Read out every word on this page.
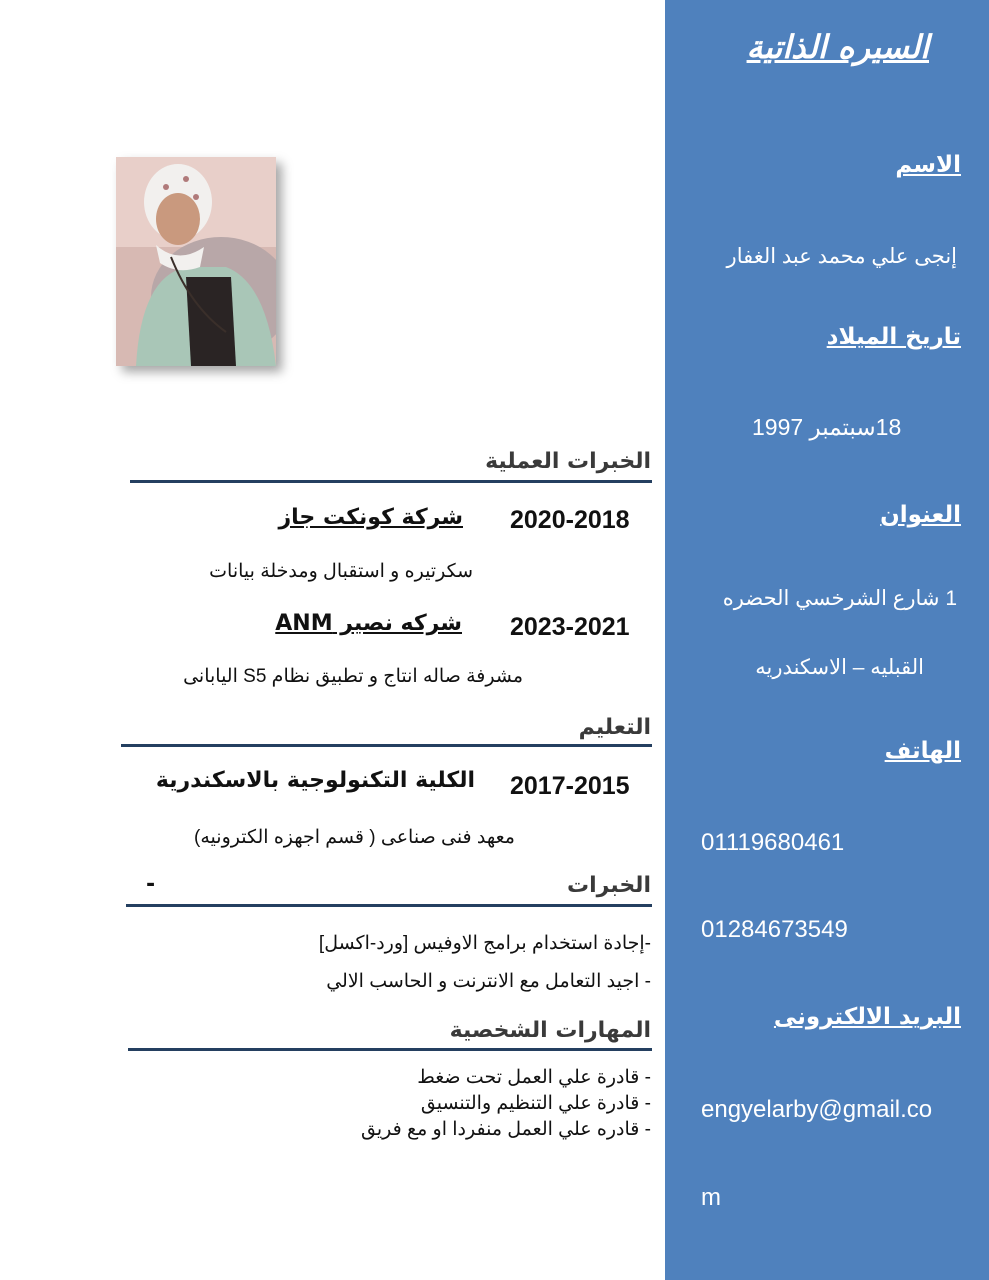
السيره الذاتية
الاسم
إنجى علي محمد عبد الغفار
تاريخ الميلاد
18سبتمبر 1997
العنوان
1 شارع الشرخسي الحضره
القبليه – الاسكندريه
الهاتف
01119680461
01284673549
البريد الالكترونى
engyelarby@gmail.co
m
الخبرات العملية
2020-2018
شركة كونكت جاز
سكرتيره و استقبال ومدخلة بيانات
2023-2021
شركه نصير ANM
مشرفة صاله انتاج و تطبيق نظام S5 اليابانى
التعليم
2017-2015
الكلية التكنولوجية بالاسكندرية
معهد فنى صناعى ( قسم اجهزه الكترونيه)
الخبرات
-
-إجادة استخدام برامج الاوفيس [ورد-اكسل]
- اجيد التعامل مع الانترنت و الحاسب الالي
المهارات الشخصية
- قادرة علي العمل تحت ضغط
- قادرة علي التنظيم والتنسيق
- قادره علي العمل منفردا او مع فريق
